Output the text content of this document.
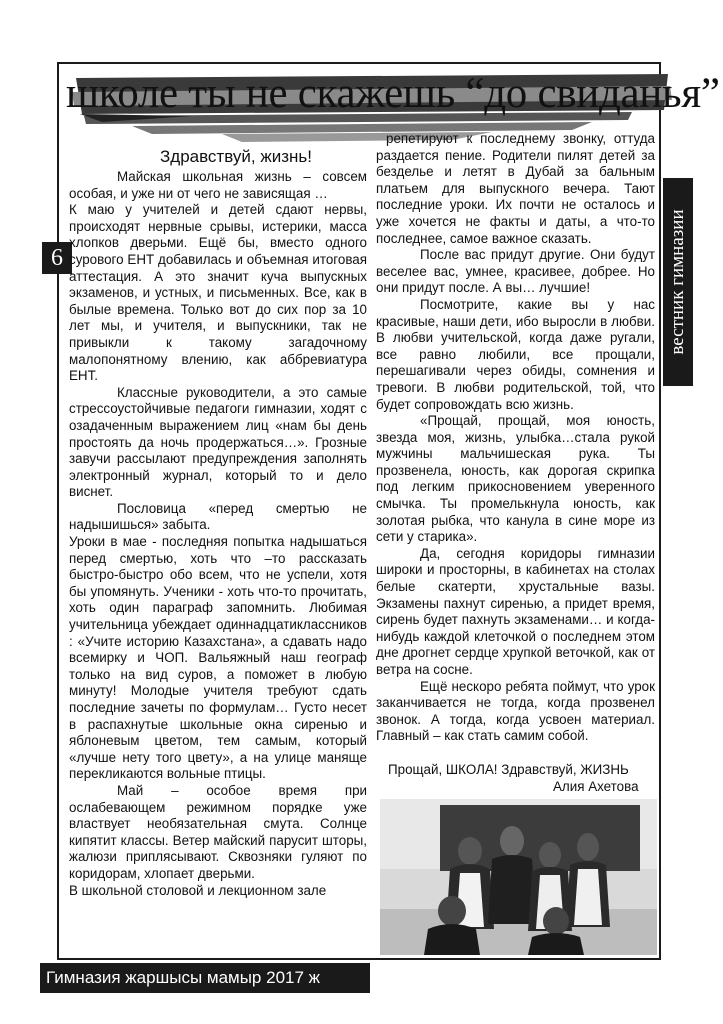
школе ты не скажешь “до свиданья”
6	вестник гимназии
Здравствуй, жизнь!

Майская школьная жизнь – совсем особая, и уже ни от чего не зависящая …

К маю у учителей и детей сдают нервы, происходят нервные срывы, истерики, масса хлопков дверьми. Ещё бы, вместо одного сурового ЕНТ добавилась и объемная итоговая аттестация. А это значит куча выпускных экзаменов, и устных, и письменных. Все, как в былые времена. Только вот до сих пор за 10 лет мы, и учителя, и выпускники, так не привыкли к такому загадочному малопонятному влению, как аббревиатура ЕНТ.

Классные руководители, а это самые стрессоустойчивые педагоги гимназии, ходят с озадаченным выражением лиц «нам бы день простоять да ночь продержаться…». Грозные завучи рассылают предупреждения заполнять электронный журнал, который то и дело виснет.

Пословица «перед смертью не надышишься» забыта.

Уроки в мае - последняя попытка надышаться перед смертью, хоть что –то рассказать быстро-быстро обо всем, что не успели, хотя бы упомянуть. Ученики - хоть что-то прочитать, хоть один параграф запомнить. Любимая учительница убеждает одиннадцатиклассников : «Учите историю Казахстана», а сдавать надо всемирку и ЧОП. Вальяжный наш географ только на вид суров, а поможет в любую минуту! Молодые учителя требуют сдать последние зачеты по формулам… Густо несет в распахнутые школьные окна сиренью и яблоневым цветом, тем самым, который «лучше нету того цвету», а на улице маняще перекликаются вольные птицы.

Май – особое время при ослабевающем режимном порядке уже властвует необязательная смута. Солнце кипятит классы. Ветер майский парусит шторы, жалюзи приплясывают. Сквозняки гуляют по коридорам, хлопает дверьми.

В школьной столовой и лекционном зале

репетируют к последнему звонку, оттуда раздается пение. Родители пилят детей за безделье и летят в Дубай за бальным платьем для выпускного вечера. Тают последние уроки. Их почти не осталось и уже хочется не факты и даты, а что-то последнее, самое важное сказать.

После вас придут другие. Они будут веселее вас, умнее, красивее, добрее. Но они придут после. А вы… лучшие!

Посмотрите, какие вы у нас красивые, наши дети, ибо выросли в любви. В любви учительской, когда даже ругали, все равно любили, все прощали, перешагивали через обиды, сомнения и тревоги. В любви родительской, той, что будет сопровождать всю жизнь.

«Прощай, прощай, моя юность, звезда моя, жизнь, улыбка…стала рукой мужчины мальчишеская рука. Ты прозвенела, юность, как дорогая скрипка под легким прикосновением уверенного смычка. Ты промелькнула юность, как золотая рыбка, что канула в сине море из сети у старика».

Да, сегодня коридоры гимназии широки и просторны, в кабинетах на столах белые скатерти, хрустальные вазы. Экзамены пахнут сиренью, а придет время, сирень будет пахнуть экзаменами… и когда-нибудь каждой клеточкой о последнем этом дне дрогнет сердце хрупкой веточкой, как от ветра на сосне.

Ещё нескоро ребята поймут, что урок заканчивается не тогда, когда прозвенел звонок. А тогда, когда усвоен материал. Главный – как стать самим собой.

Прощай, ШКОЛА! Здравствуй, ЖИЗНЬ
Алия Ахетова
Гимназия жаршысы мамыр 2017 ж
